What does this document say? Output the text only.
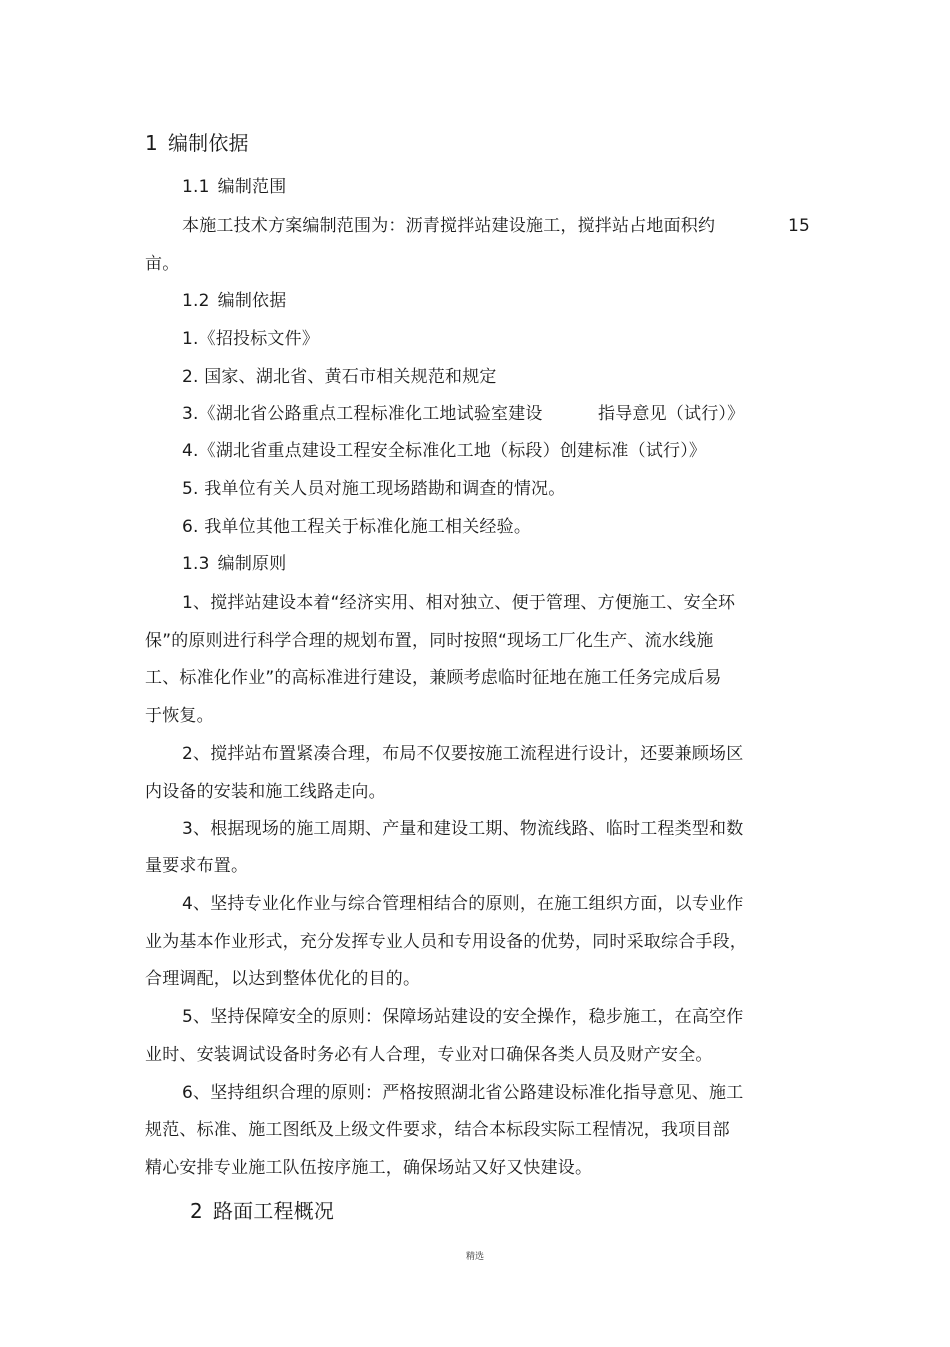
1 编制依据
1.1 编制范围
本施工技术方案编制范围为：沥青搅拌站建设施工，搅拌站占地面积约	15
亩。
1.2 编制依据
1.《招投标文件》
2. 国家、湖北省、黄石市相关规范和规定
3.《湖北省公路重点工程标准化工地试验室建设	指导意见（试行）》
4.《湖北省重点建设工程安全标准化工地（标段）创建标准（试行）》
5. 我单位有关人员对施工现场踏勘和调查的情况。
6. 我单位其他工程关于标准化施工相关经验。
1.3 编制原则
1、搅拌站建设本着“经济实用、相对独立、便于管理、方便施工、安全环
保”的原则进行科学合理的规划布置，同时按照“现场工厂化生产、流水线施
工、标准化作业”的高标准进行建设，兼顾考虑临时征地在施工任务完成后易
于恢复。
2、搅拌站布置紧凑合理，布局不仅要按施工流程进行设计，还要兼顾场区
内设备的安装和施工线路走向。
3、根据现场的施工周期、产量和建设工期、物流线路、临时工程类型和数
量要求布置。
4、坚持专业化作业与综合管理相结合的原则，在施工组织方面，以专业作
业为基本作业形式，充分发挥专业人员和专用设备的优势，同时采取综合手段，
合理调配，以达到整体优化的目的。
5、坚持保障安全的原则：保障场站建设的安全操作，稳步施工，在高空作
业时、安装调试设备时务必有人合理，专业对口确保各类人员及财产安全。
6、坚持组织合理的原则：严格按照湖北省公路建设标准化指导意见、施工
规范、标准、施工图纸及上级文件要求，结合本标段实际工程情况，我项目部
精心安排专业施工队伍按序施工，确保场站又好又快建设。
2 路面工程概况
精选
